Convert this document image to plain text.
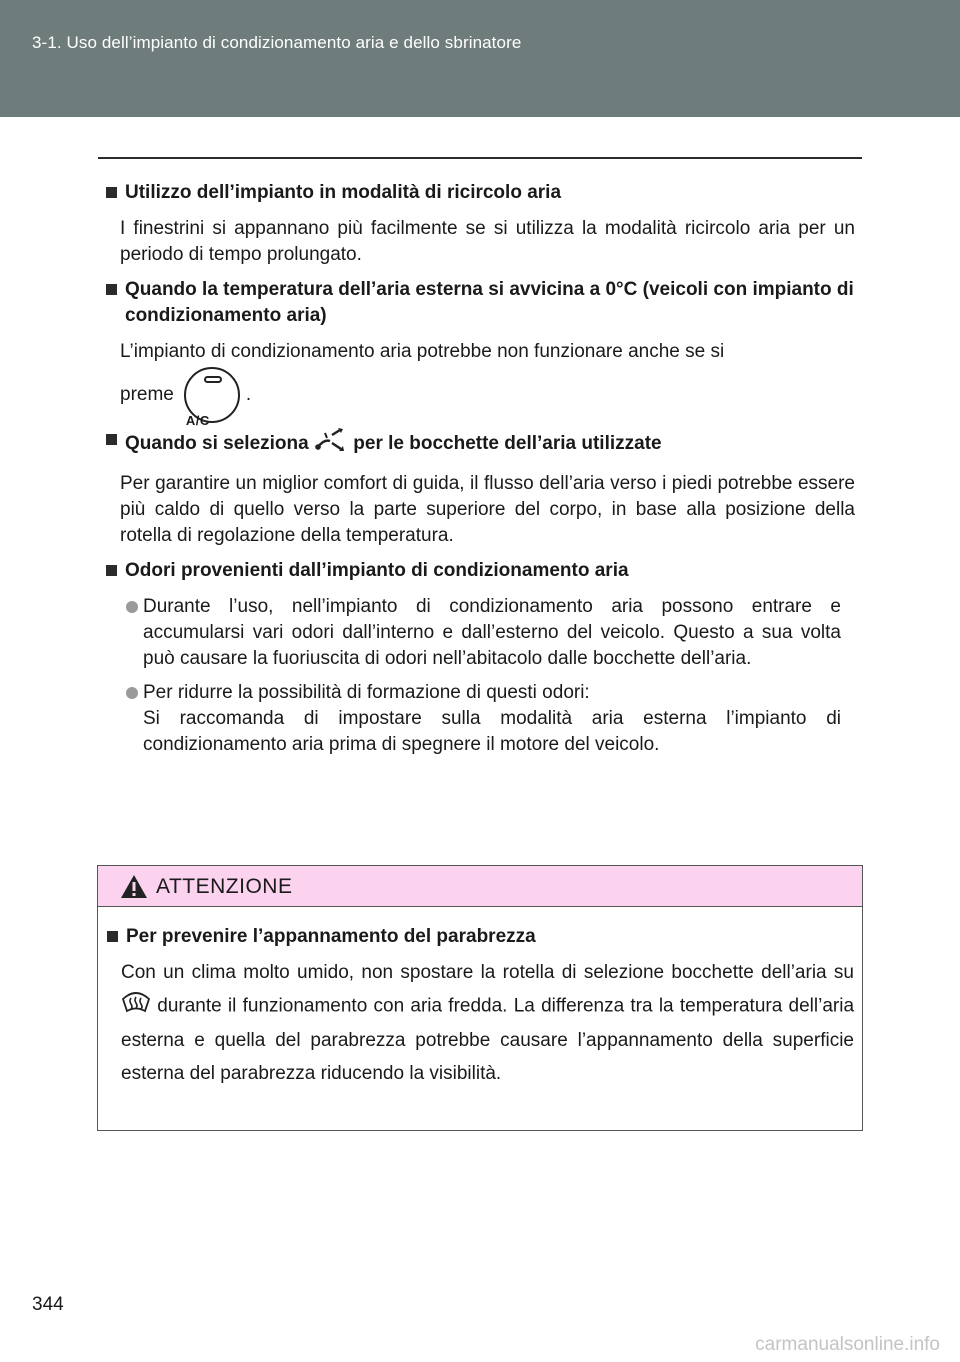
3-1. Uso dell’impianto di condizionamento aria e dello sbrinatore
Utilizzo dell’impianto in modalità di ricircolo aria
I finestrini si appannano più facilmente se si utilizza la modalità ricircolo aria per un periodo di tempo prolungato.
Quando la temperatura dell’aria esterna si avvicina a 0°C (veicoli con impianto di condizionamento aria)
L’impianto di condizionamento aria potrebbe non funzionare anche se si
preme
A/C
.
Quando si seleziona per le bocchette dell’aria utilizzate
Per garantire un miglior comfort di guida, il flusso dell’aria verso i piedi potrebbe essere più caldo di quello verso la parte superiore del corpo, in base alla posizione della rotella di regolazione della temperatura.
Odori provenienti dall’impianto di condizionamento aria
Durante l’uso, nell’impianto di condizionamento aria possono entrare e accumularsi vari odori dall’interno e dall’esterno del veicolo. Questo a sua volta può causare la fuoriuscita di odori nell’abitacolo dalle bocchette dell’aria.
Per ridurre la possibilità di formazione di questi odori:
Si raccomanda di impostare sulla modalità aria esterna l’impianto di condizionamento aria prima di spegnere il motore del veicolo.
ATTENZIONE
Per prevenire l’appannamento del parabrezza
Con un clima molto umido, non spostare la rotella di selezione bocchette dell’aria su  durante il funzionamento con aria fredda. La differenza tra la temperatura dell’aria esterna e quella del parabrezza potrebbe causare l’appannamento della superficie esterna del parabrezza riducendo la visibilità.
344
carmanualsonline.info
